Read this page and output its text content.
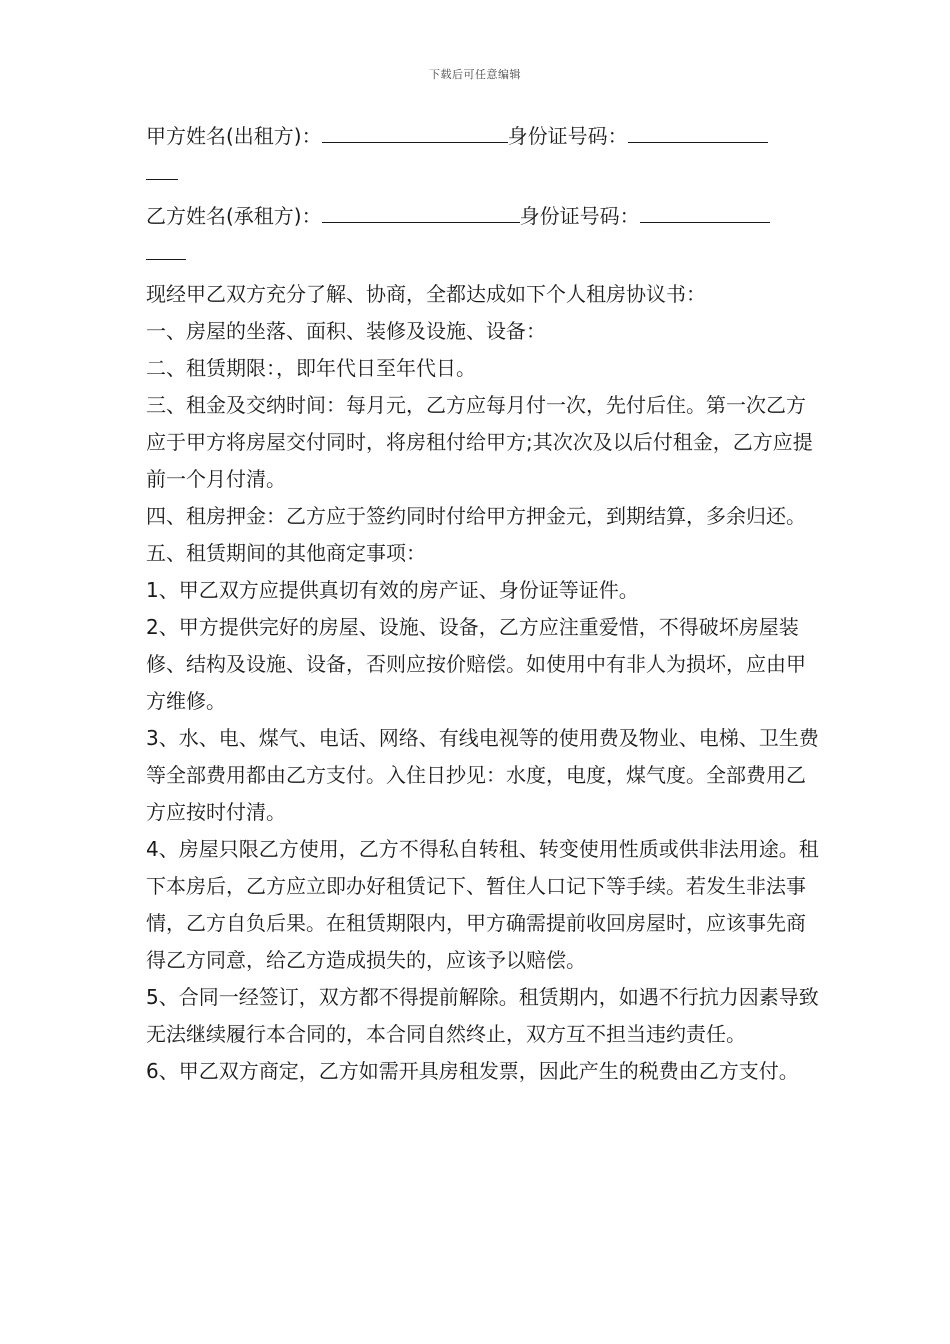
下载后可任意编辑

甲方姓名(出租方)：	身份证号码：

乙方姓名(承租方)：	身份证号码：

现经甲乙双方充分了解、协商，全都达成如下个人租房协议书：

一、房屋的坐落、面积、装修及设施、设备：

二、租赁期限：，即年代日至年代日。

三、租金及交纳时间：每月元，乙方应每月付一次，先付后住。第一次乙方应于甲方将房屋交付同时，将房租付给甲方;其次次及以后付租金，乙方应提前一个月付清。

四、租房押金：乙方应于签约同时付给甲方押金元，到期结算，多余归还。

五、租赁期间的其他商定事项：

1、甲乙双方应提供真切有效的房产证、身份证等证件。

2、甲方提供完好的房屋、设施、设备，乙方应注重爱惜，不得破坏房屋装修、结构及设施、设备，否则应按价赔偿。如使用中有非人为损坏，应由甲方维修。

3、水、电、煤气、电话、网络、有线电视等的使用费及物业、电梯、卫生费等全部费用都由乙方支付。入住日抄见：水度，电度，煤气度。全部费用乙方应按时付清。

4、房屋只限乙方使用，乙方不得私自转租、转变使用性质或供非法用途。租下本房后，乙方应立即办好租赁记下、暂住人口记下等手续。若发生非法事情，乙方自负后果。在租赁期限内，甲方确需提前收回房屋时，应该事先商得乙方同意，给乙方造成损失的，应该予以赔偿。

5、合同一经签订，双方都不得提前解除。租赁期内，如遇不行抗力因素导致无法继续履行本合同的，本合同自然终止，双方互不担当违约责任。

6、甲乙双方商定，乙方如需开具房租发票，因此产生的税费由乙方支付。
